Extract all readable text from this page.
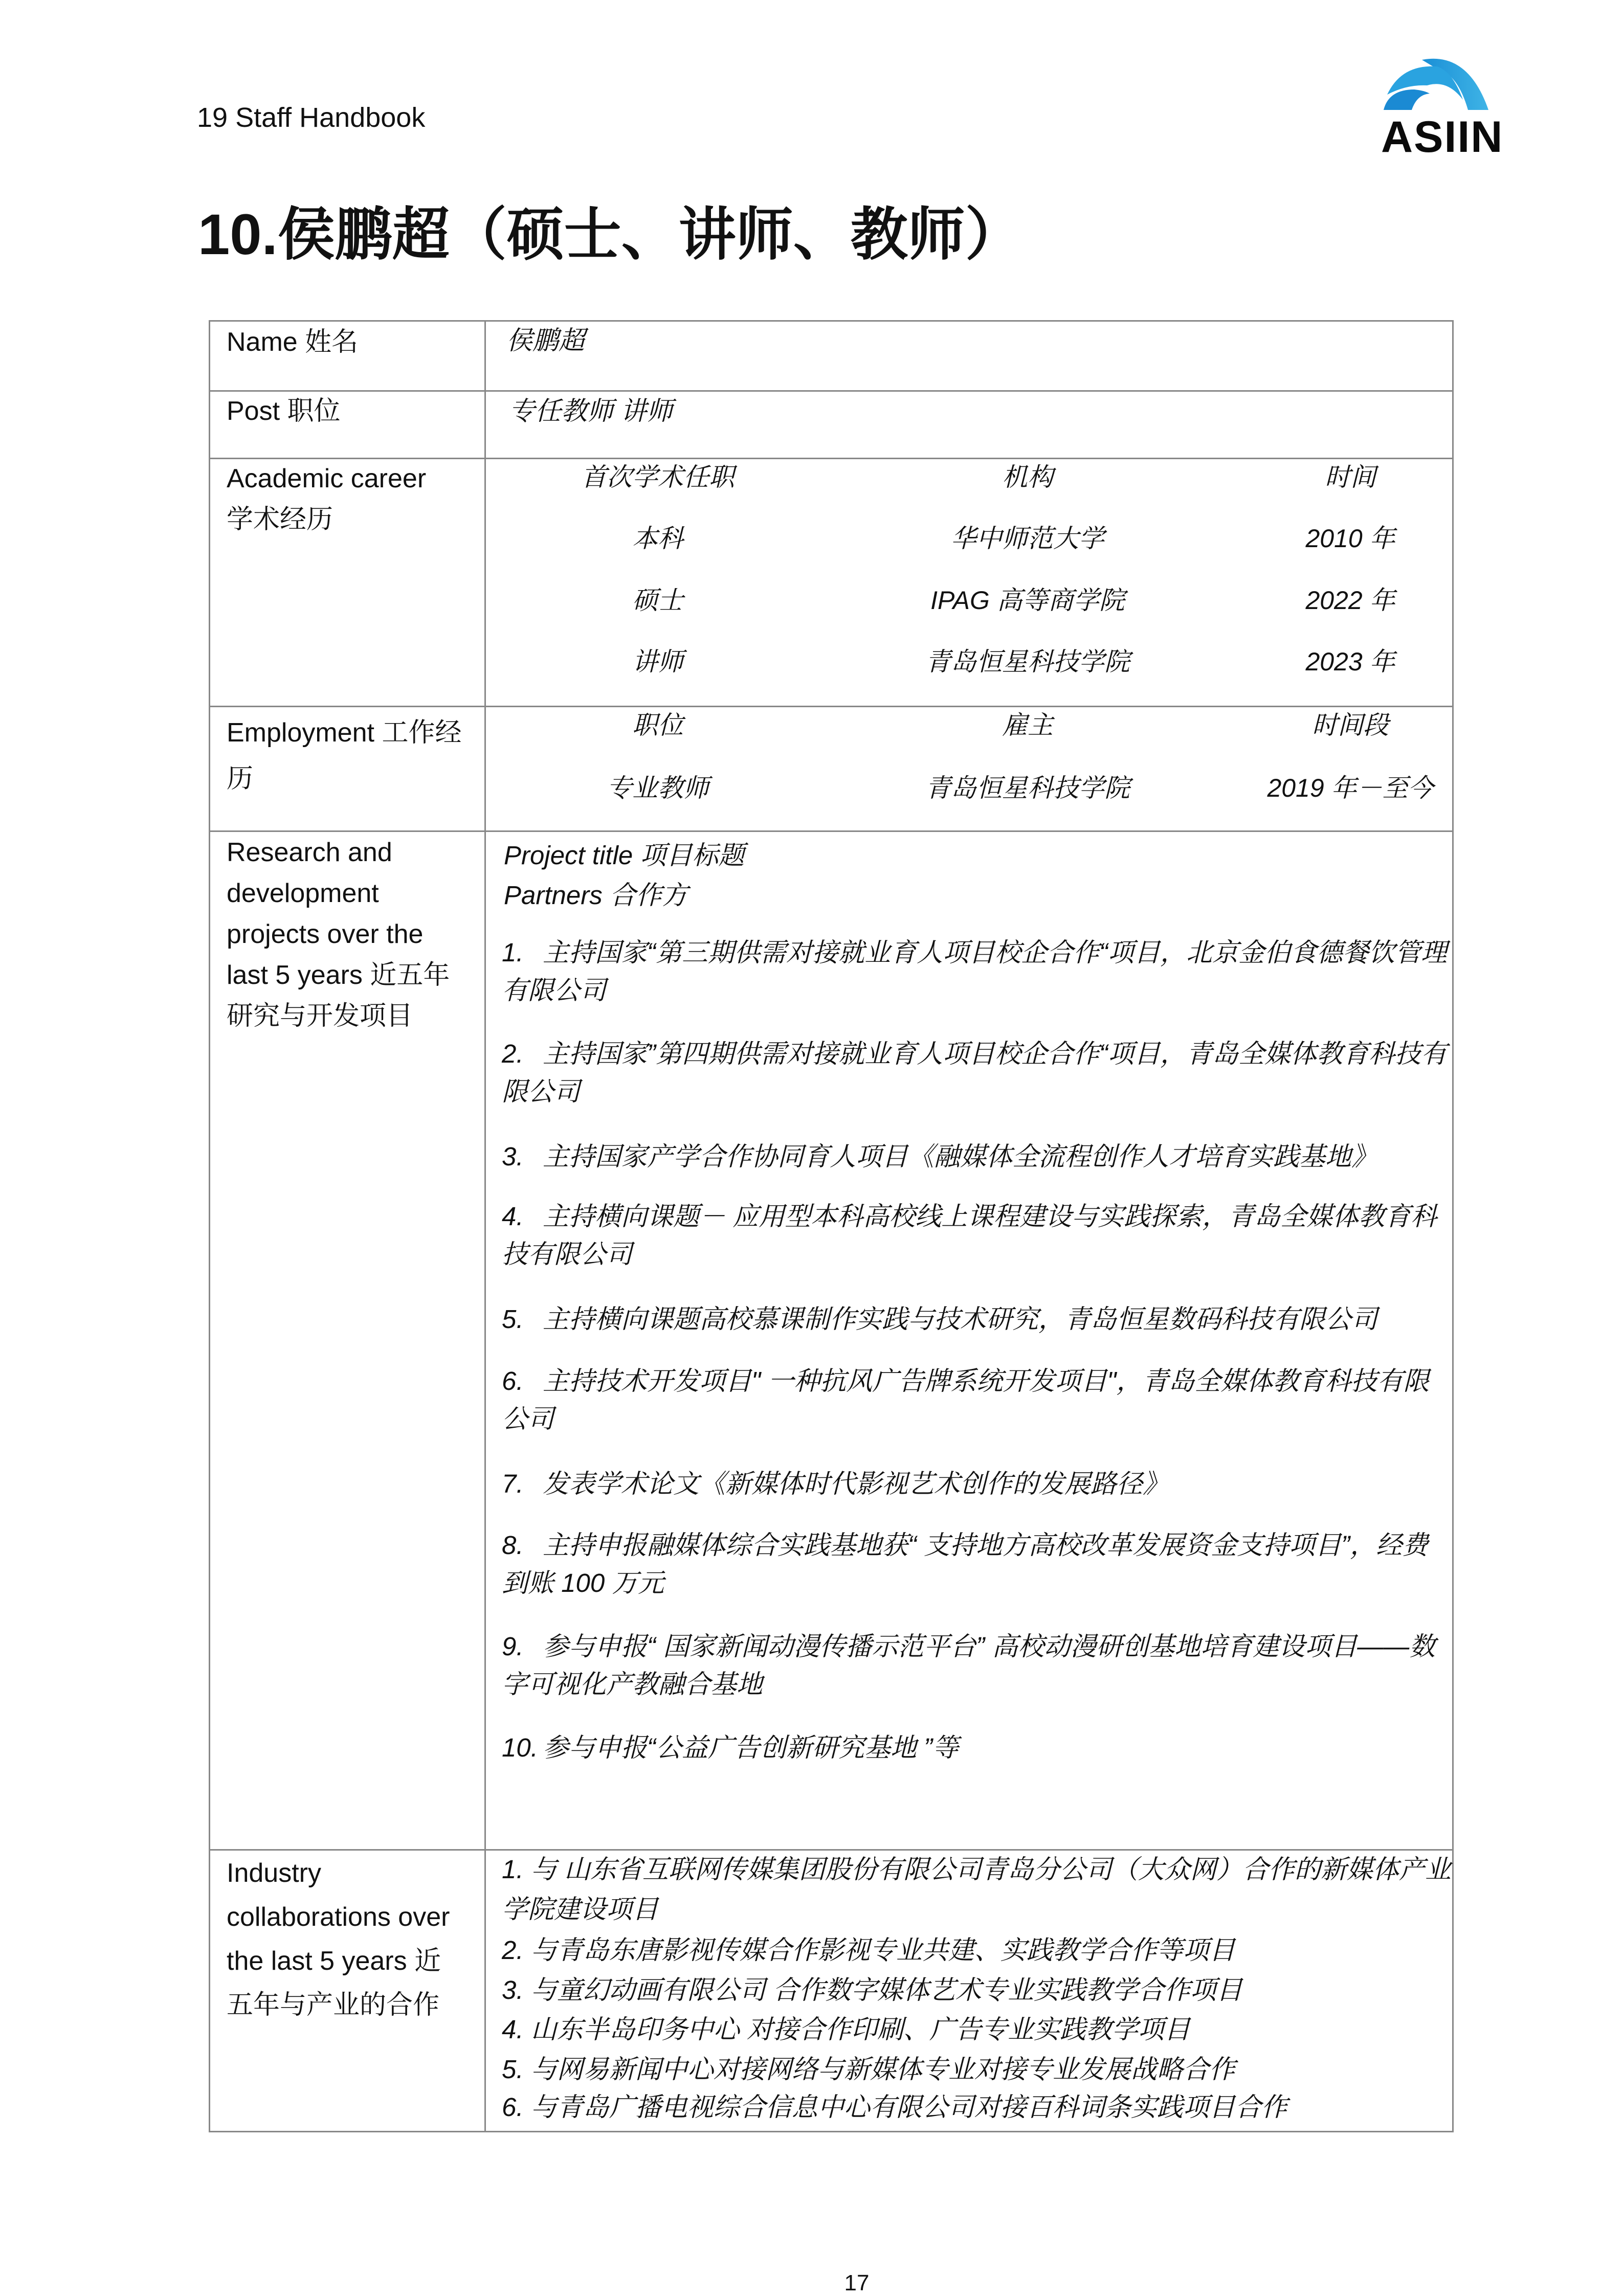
19 Staff Handbook	ASIIN
10.侯鹏超（硕士、讲师、教师）
Name 姓名	侯鹏超
Post 职位	专任教师 讲师
Academic career 学术经历
首次学术任职	机构	时间
本科	华中师范大学	2010 年
硕士	IPAG 高等商学院	2022 年
讲师	青岛恒星科技学院	2023 年
Employment 工作经历
职位	雇主	时间段
专业教师	青岛恒星科技学院	2019 年－至今
Research and development projects over the last 5 years 近五年研究与开发项目
Project title 项目标题
Partners 合作方
1. 主持国家“第三期供需对接就业育人项目校企合作“项目，北京金伯食德餐饮管理有限公司
2. 主持国家”第四期供需对接就业育人项目校企合作“项目，青岛全媒体教育科技有限公司
3. 主持国家产学合作协同育人项目《融媒体全流程创作人才培育实践基地》
4. 主持横向课题－ 应用型本科高校线上课程建设与实践探索，青岛全媒体教育科技有限公司
5. 主持横向课题高校慕课制作实践与技术研究，青岛恒星数码科技有限公司
6. 主持技术开发项目" 一种抗风广告牌系统开发项目"，青岛全媒体教育科技有限公司
7. 发表学术论文《新媒体时代影视艺术创作的发展路径》
8. 主持申报融媒体综合实践基地获“ 支持地方高校改革发展资金支持项目”，经费到账 100 万元
9. 参与申报“ 国家新闻动漫传播示范平台” 高校动漫研创基地培育建设项目——数字可视化产教融合基地
10. 参与申报“公益广告创新研究基地 ”等
Industry collaborations over the last 5 years 近五年与产业的合作
1. 与 山东省互联网传媒集团股份有限公司青岛分公司（大众网）合作的新媒体产业学院建设项目
2. 与青岛东唐影视传媒合作影视专业共建、实践教学合作等项目
3. 与童幻动画有限公司 合作数字媒体艺术专业实践教学合作项目
4. 山东半岛印务中心 对接合作印刷、广告专业实践教学项目
5. 与网易新闻中心对接网络与新媒体专业对接专业发展战略合作
6. 与青岛广播电视综合信息中心有限公司对接百科词条实践项目合作
17
